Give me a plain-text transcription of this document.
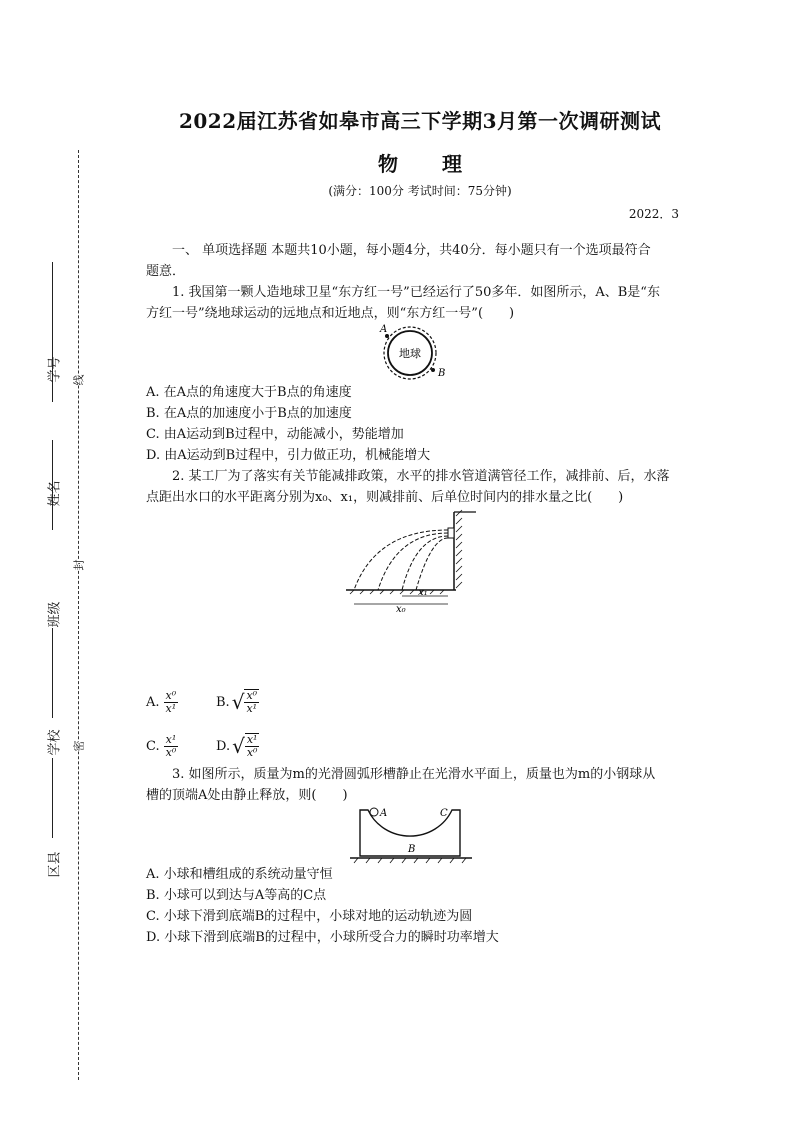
学号
姓名
班级
学校
区县
线
封
密
2022届江苏省如皋市高三下学期3月第一次调研测试
物 理
(满分：100分 考试时间：75分钟)
2022．3

一、 单项选择题 本题共10小题，每小题4分，共40分．每小题只有一个选项最符合

题意．

1. 我国第一颗人造地球卫星“东方红一号”已经运行了50多年．如图所示，A、B是“东

方红一号”绕地球运动的远地点和近地点，则“东方红一号”(　　)

地球
A
B

A. 在A点的角速度大于B点的角速度

B. 在A点的加速度小于B点的加速度

C. 由A运动到B过程中，动能减小，势能增加

D. 由A运动到B过程中，引力做正功，机械能增大

2. 某工厂为了落实有关节能减排政策，水平的排水管道满管径工作，减排前、后，水落

点距出水口的水平距离分别为x₀、x₁，则减排前、后单位时间内的排水量之比(　　)

x₁
x₀
A. $\frac{\text{x⁰}}{\text{x¹}}$	B. √ $\frac{\text{x⁰}}{\text{x¹}}$
C. $\frac{\text{x¹}}{\text{x⁰}}$	D. √ $\frac{\text{x¹}}{\text{x⁰}}$

3. 如图所示，质量为m的光滑圆弧形槽静止在光滑水平面上，质量也为m的小钢球从

槽的顶端A处由静止释放，则(　　)

A	C
B

A. 小球和槽组成的系统动量守恒

B. 小球可以到达与A等高的C点

C. 小球下滑到底端B的过程中，小球对地的运动轨迹为圆

D. 小球下滑到底端B的过程中，小球所受合力的瞬时功率增大
